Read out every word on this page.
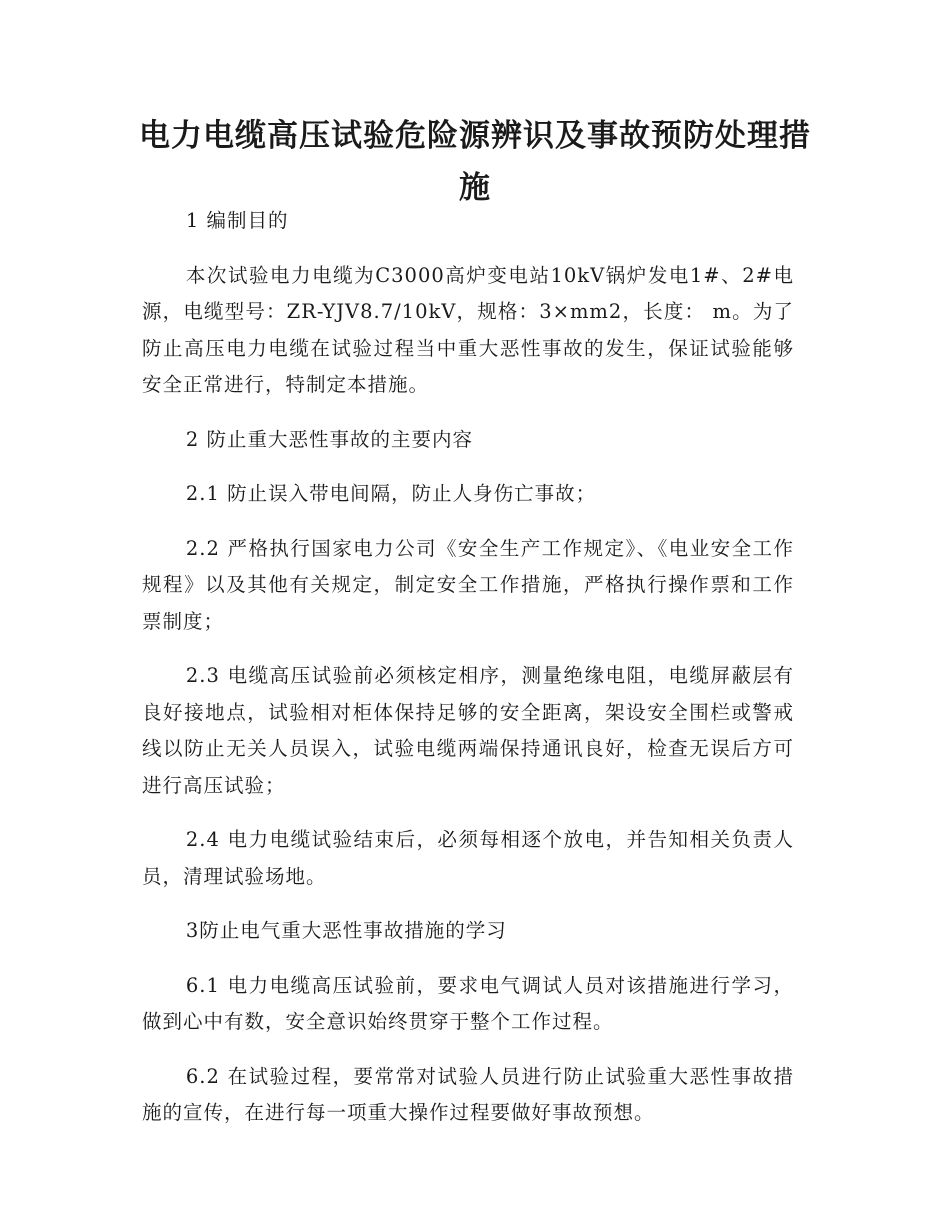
电力电缆高压试验危险源辨识及事故预防处理措施

1 编制目的

本次试验电力电缆为C3000高炉变电站10kV锅炉发电1#、2#电源，电缆型号：ZR-YJV8.7/10kV，规格：3×mm2，长度： m。为了防止高压电力电缆在试验过程当中重大恶性事故的发生，保证试验能够安全正常进行，特制定本措施。

2 防止重大恶性事故的主要内容

2.1 防止误入带电间隔，防止人身伤亡事故；

2.2 严格执行国家电力公司《安全生产工作规定》、《电业安全工作规程》以及其他有关规定，制定安全工作措施，严格执行操作票和工作票制度；

2.3 电缆高压试验前必须核定相序，测量绝缘电阻，电缆屏蔽层有良好接地点，试验相对柜体保持足够的安全距离，架设安全围栏或警戒线以防止无关人员误入，试验电缆两端保持通讯良好，检查无误后方可进行高压试验；

2.4 电力电缆试验结束后，必须每相逐个放电，并告知相关负责人员，清理试验场地。

3防止电气重大恶性事故措施的学习

6.1 电力电缆高压试验前，要求电气调试人员对该措施进行学习，做到心中有数，安全意识始终贯穿于整个工作过程。

6.2 在试验过程，要常常对试验人员进行防止试验重大恶性事故措施的宣传，在进行每一项重大操作过程要做好事故预想。
